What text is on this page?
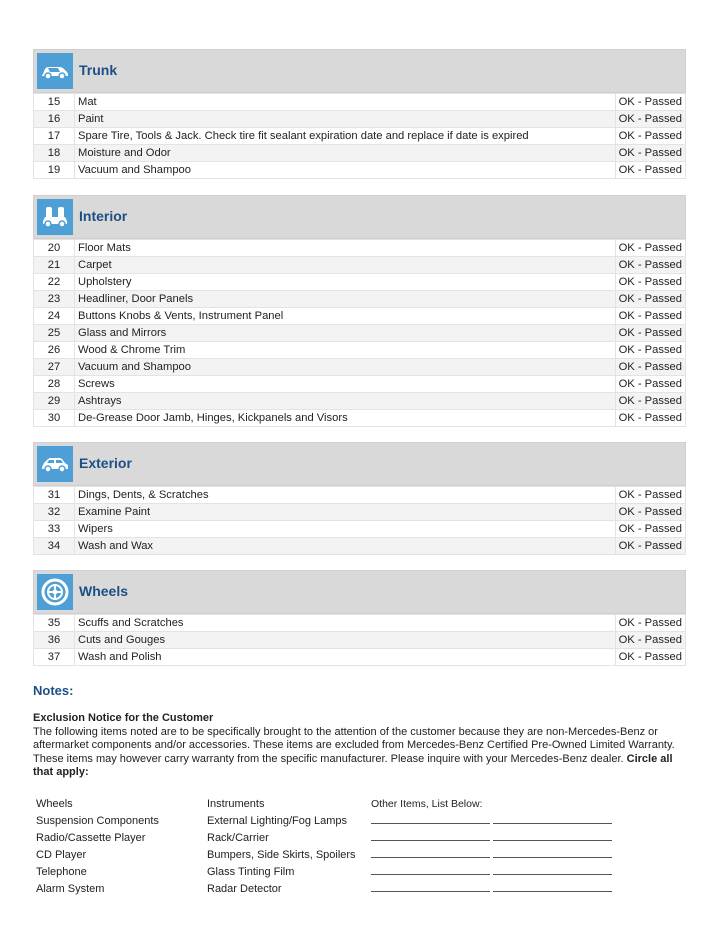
Trunk
15	Mat	OK - Passed
16	Paint	OK - Passed
17	Spare Tire, Tools & Jack. Check tire fit sealant expiration date and replace if date is expired	OK - Passed
18	Moisture and Odor	OK - Passed
19	Vacuum and Shampoo	OK - Passed
Interior
20	Floor Mats	OK - Passed
21	Carpet	OK - Passed
22	Upholstery	OK - Passed
23	Headliner, Door Panels	OK - Passed
24	Buttons Knobs & Vents, Instrument Panel	OK - Passed
25	Glass and Mirrors	OK - Passed
26	Wood & Chrome Trim	OK - Passed
27	Vacuum and Shampoo	OK - Passed
28	Screws	OK - Passed
29	Ashtrays	OK - Passed
30	De-Grease Door Jamb, Hinges, Kickpanels and Visors	OK - Passed
Exterior
31	Dings, Dents, & Scratches	OK - Passed
32	Examine Paint	OK - Passed
33	Wipers	OK - Passed
34	Wash and Wax	OK - Passed
Wheels
35	Scuffs and Scratches	OK - Passed
36	Cuts and Gouges	OK - Passed
37	Wash and Polish	OK - Passed
Notes:
Exclusion Notice for the Customer
The following items noted are to be specifically brought to the attention of the customer because they are non-Mercedes-Benz or aftermarket components and/or accessories. These items are excluded from Mercedes-Benz Certified Pre-Owned Limited Warranty. These items may however carry warranty from the specific manufacturer. Please inquire with your Mercedes-Benz dealer. Circle all that apply:
Wheels
Suspension Components
Radio/Cassette Player
CD Player
Telephone
Alarm System
Instruments
External Lighting/Fog Lamps
Rack/Carrier
Bumpers, Side Skirts, Spoilers
Glass Tinting Film
Radar Detector
Other Items, List Below:
